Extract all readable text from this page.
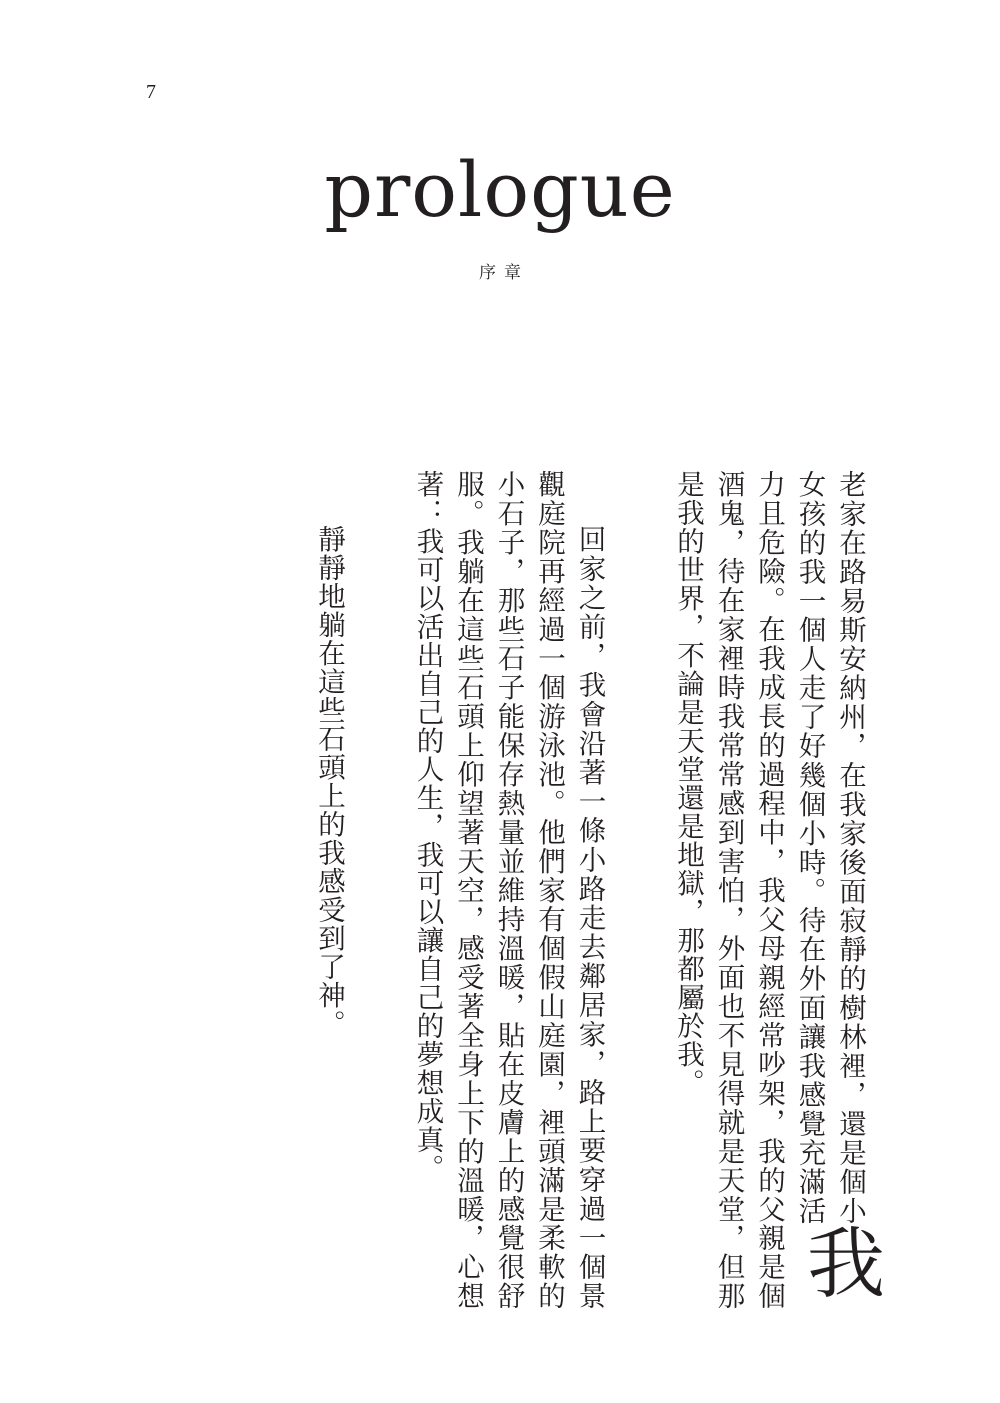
7
prologue
序章

我
老家在路易斯安納州，在我家後面寂靜的樹林裡，還是個小女孩的我一個人走了好幾個小時。待在外面讓我感覺充滿活力且危險。在我成長的過程中，我父母親經常吵架，我的父親是個酒鬼，待在家裡時我常常感到害怕，外面也不見得就是天堂，但那是我的世界，不論是天堂還是地獄，那都屬於我。

回家之前，我會沿著一條小路走去鄰居家，路上要穿過一個景觀庭院再經過一個游泳池。他們家有個假山庭園，裡頭滿是柔軟的小石子，那些石子能保存熱量並維持溫暖，貼在皮膚上的感覺很舒服。我躺在這些石頭上仰望著天空，感受著全身上下的溫暖，心想著：我可以活出自己的人生，我可以讓自己的夢想成真。

靜靜地躺在這些石頭上的我感受到了神。
